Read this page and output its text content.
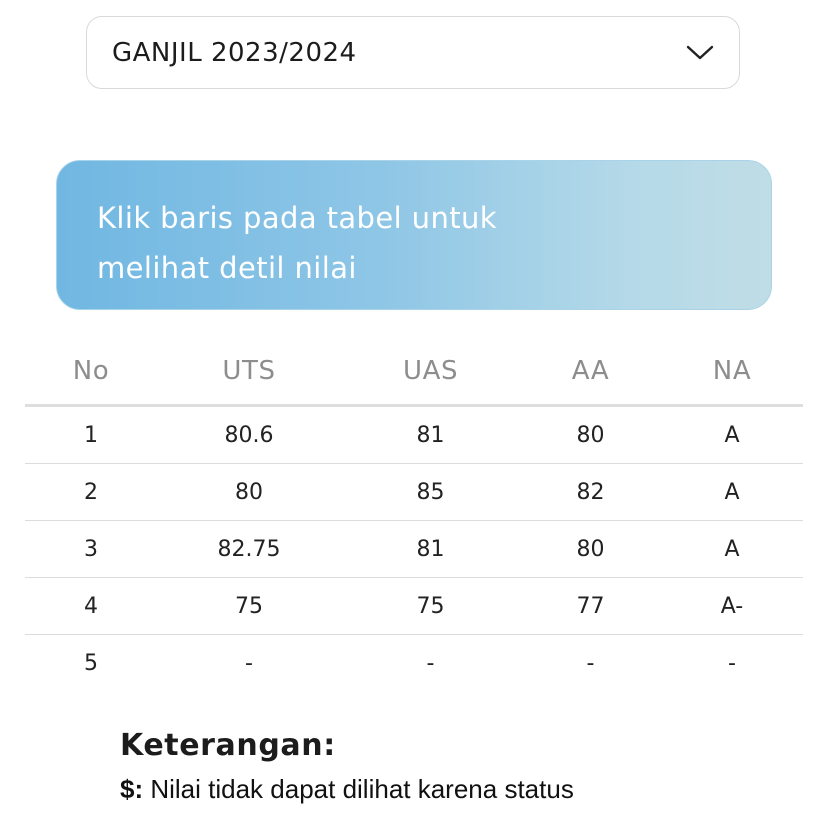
GANJIL 2023/2024
Klik baris pada tabel untuk melihat detil nilai
No	UTS	UAS	AA	NA
1	80.6	81	80	A
2	80	85	82	A
3	82.75	81	80	A
4	75	75	77	A-
5	-	-	-	-

Keterangan:

$: Nilai tidak dapat dilihat karena status
